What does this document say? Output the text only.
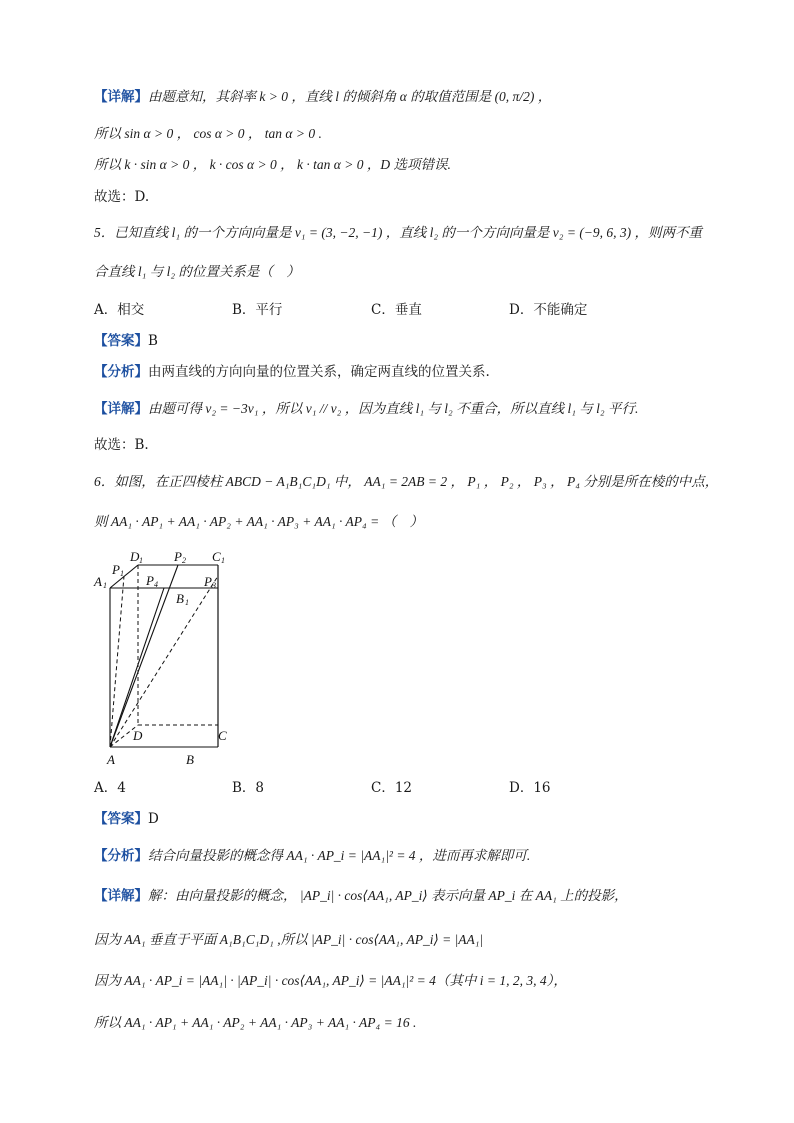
【详解】由题意知，其斜率 k > 0 ，直线 l 的倾斜角 α 的取值范围是 (0, π/2) ，
所以 sin α > 0 ， cos α > 0 ， tan α > 0 .
所以 k · sin α > 0 ， k · cos α > 0 ， k · tan α > 0 ，D 选项错误.
故选：D.
5．已知直线 l₁ 的一个方向向量是 v₁ = (3, −2, −1) ，直线 l₂ 的一个方向向量是 v₂ = (−9, 6, 3) ，则两不重
合直线 l₁ 与 l₂ 的位置关系是（　）
A．相交	B．平行	C．垂直	D．不能确定
【答案】B
【分析】由两直线的方向向量的位置关系，确定两直线的位置关系.
【详解】由题可得 v₂ = −3v₁ ，所以 v₁ // v₂ ，因为直线 l₁ 与 l₂ 不重合，所以直线 l₁ 与 l₂ 平行.
故选：B.
6．如图，在正四棱柱 ABCD − A₁B₁C₁D₁ 中， AA₁ = 2AB = 2 ， P₁ ， P₂ ， P₃ ， P₄ 分别是所在棱的中点，
则 AA₁ · AP₁ + AA₁ · AP₂ + AA₁ · AP₃ + AA₁ · AP₄ = （　）
D 1 P 2 C 1
P 1
A 1	P 4	P 3
B 1
D	C
A	B
A．4	B．8	C．12	D．16
【答案】D
【分析】结合向量投影的概念得 AA₁ · AP_i = |AA₁|² = 4 ，进而再求解即可.
【详解】解：由向量投影的概念， |AP_i| · cos⟨AA₁, AP_i⟩ 表示向量 AP_i 在 AA₁ 上的投影，
因为 AA₁ 垂直于平面 A₁B₁C₁D₁ ,所以 |AP_i| · cos⟨AA₁, AP_i⟩ = |AA₁|
因为 AA₁ · AP_i = |AA₁| · |AP_i| · cos⟨AA₁, AP_i⟩ = |AA₁|² = 4（其中 i = 1, 2, 3, 4），
所以 AA₁ · AP₁ + AA₁ · AP₂ + AA₁ · AP₃ + AA₁ · AP₄ = 16 .
